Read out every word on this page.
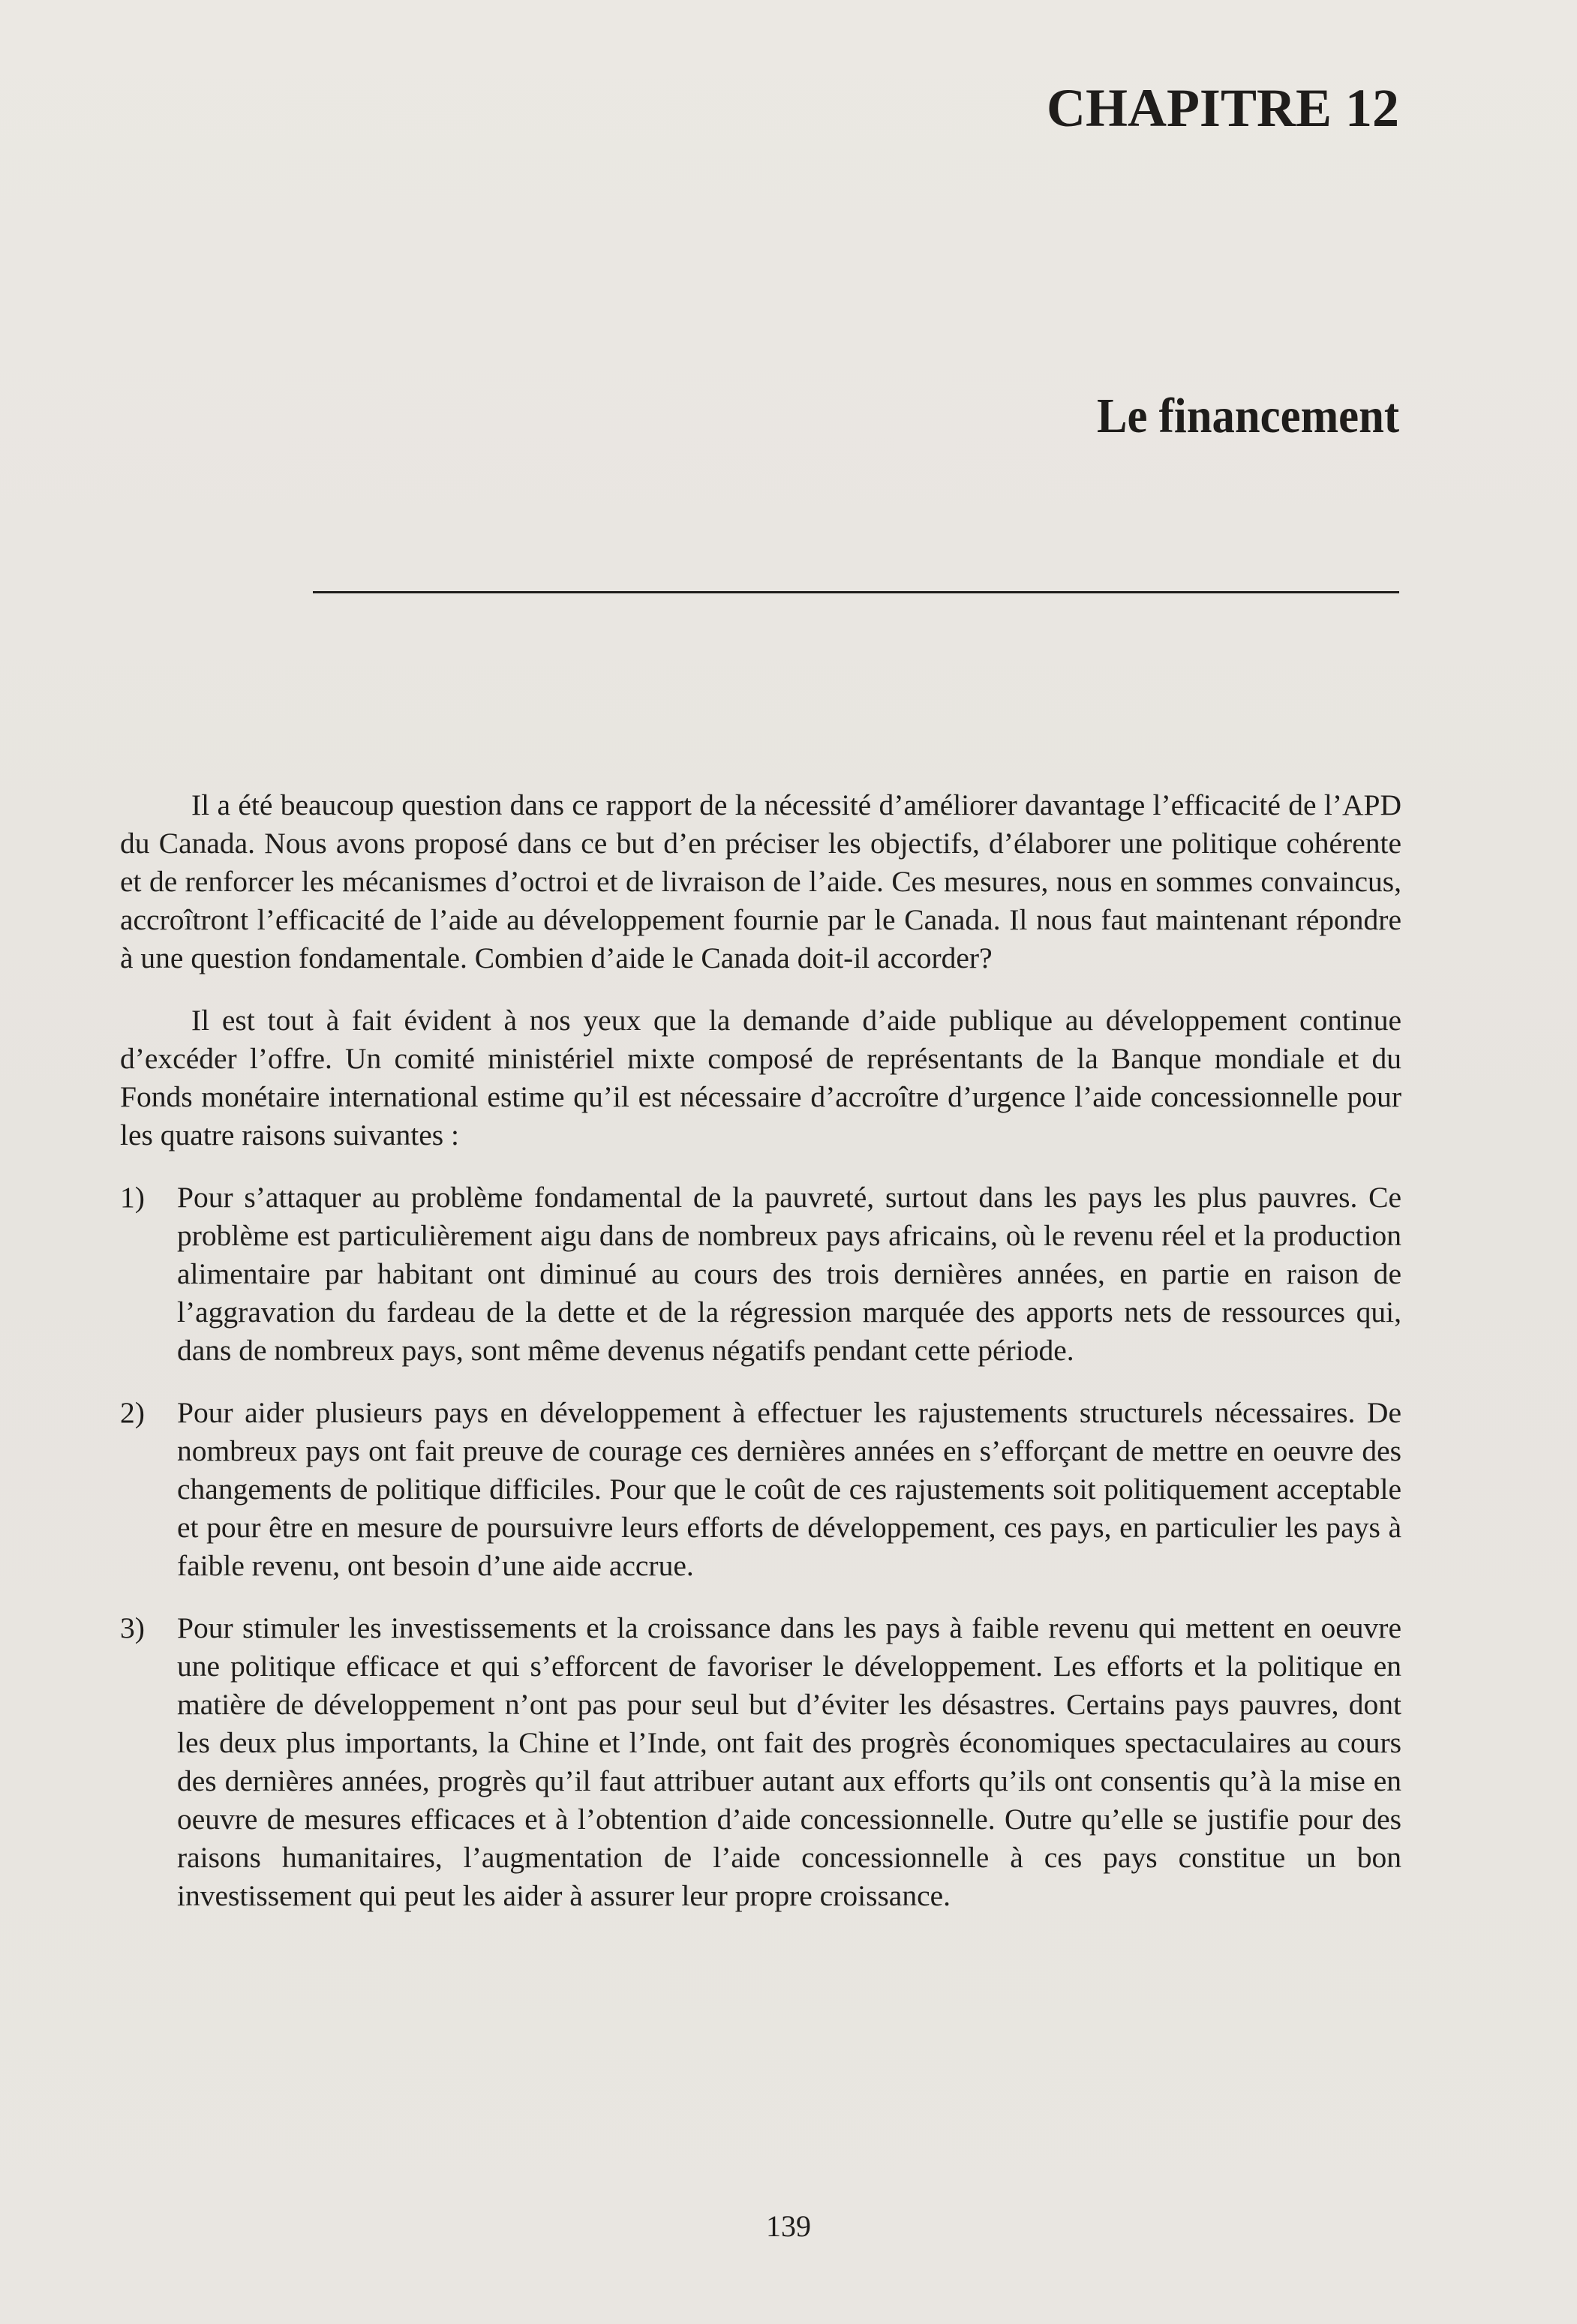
CHAPITRE 12
Le financement

Il a été beaucoup question dans ce rapport de la nécessité d’améliorer davantage l’efficacité de l’APD du Canada. Nous avons proposé dans ce but d’en préciser les objectifs, d’élaborer une politique cohérente et de renforcer les mécanismes d’octroi et de livraison de l’aide. Ces mesures, nous en sommes convaincus, accroîtront l’efficacité de l’aide au développement fournie par le Canada. Il nous faut maintenant répondre à une question fondamentale. Combien d’aide le Canada doit-il accorder?

Il est tout à fait évident à nos yeux que la demande d’aide publique au développement continue d’excéder l’offre. Un comité ministériel mixte composé de représentants de la Banque mondiale et du Fonds monétaire international estime qu’il est nécessaire d’accroître d’urgence l’aide concessionnelle pour les quatre raisons suivantes :

1) Pour s’attaquer au problème fondamental de la pauvreté, surtout dans les pays les plus pauvres. Ce problème est particulièrement aigu dans de nombreux pays africains, où le revenu réel et la production alimentaire par habitant ont diminué au cours des trois dernières années, en partie en raison de l’aggravation du fardeau de la dette et de la régression marquée des apports nets de ressources qui, dans de nombreux pays, sont même devenus négatifs pendant cette période.
2) Pour aider plusieurs pays en développement à effectuer les rajustements structurels nécessaires. De nombreux pays ont fait preuve de courage ces dernières années en s’efforçant de mettre en oeuvre des changements de politique difficiles. Pour que le coût de ces rajustements soit politiquement acceptable et pour être en mesure de poursuivre leurs efforts de développement, ces pays, en particulier les pays à faible revenu, ont besoin d’une aide accrue.
3) Pour stimuler les investissements et la croissance dans les pays à faible revenu qui mettent en oeuvre une politique efficace et qui s’efforcent de favoriser le développement. Les efforts et la politique en matière de développement n’ont pas pour seul but d’éviter les désastres. Certains pays pauvres, dont les deux plus importants, la Chine et l’Inde, ont fait des progrès économiques spectaculaires au cours des dernières années, progrès qu’il faut attribuer autant aux efforts qu’ils ont consentis qu’à la mise en oeuvre de mesures efficaces et à l’obtention d’aide concessionnelle. Outre qu’elle se justifie pour des raisons humanitaires, l’augmentation de l’aide concessionnelle à ces pays constitue un bon investissement qui peut les aider à assurer leur propre croissance.
139
